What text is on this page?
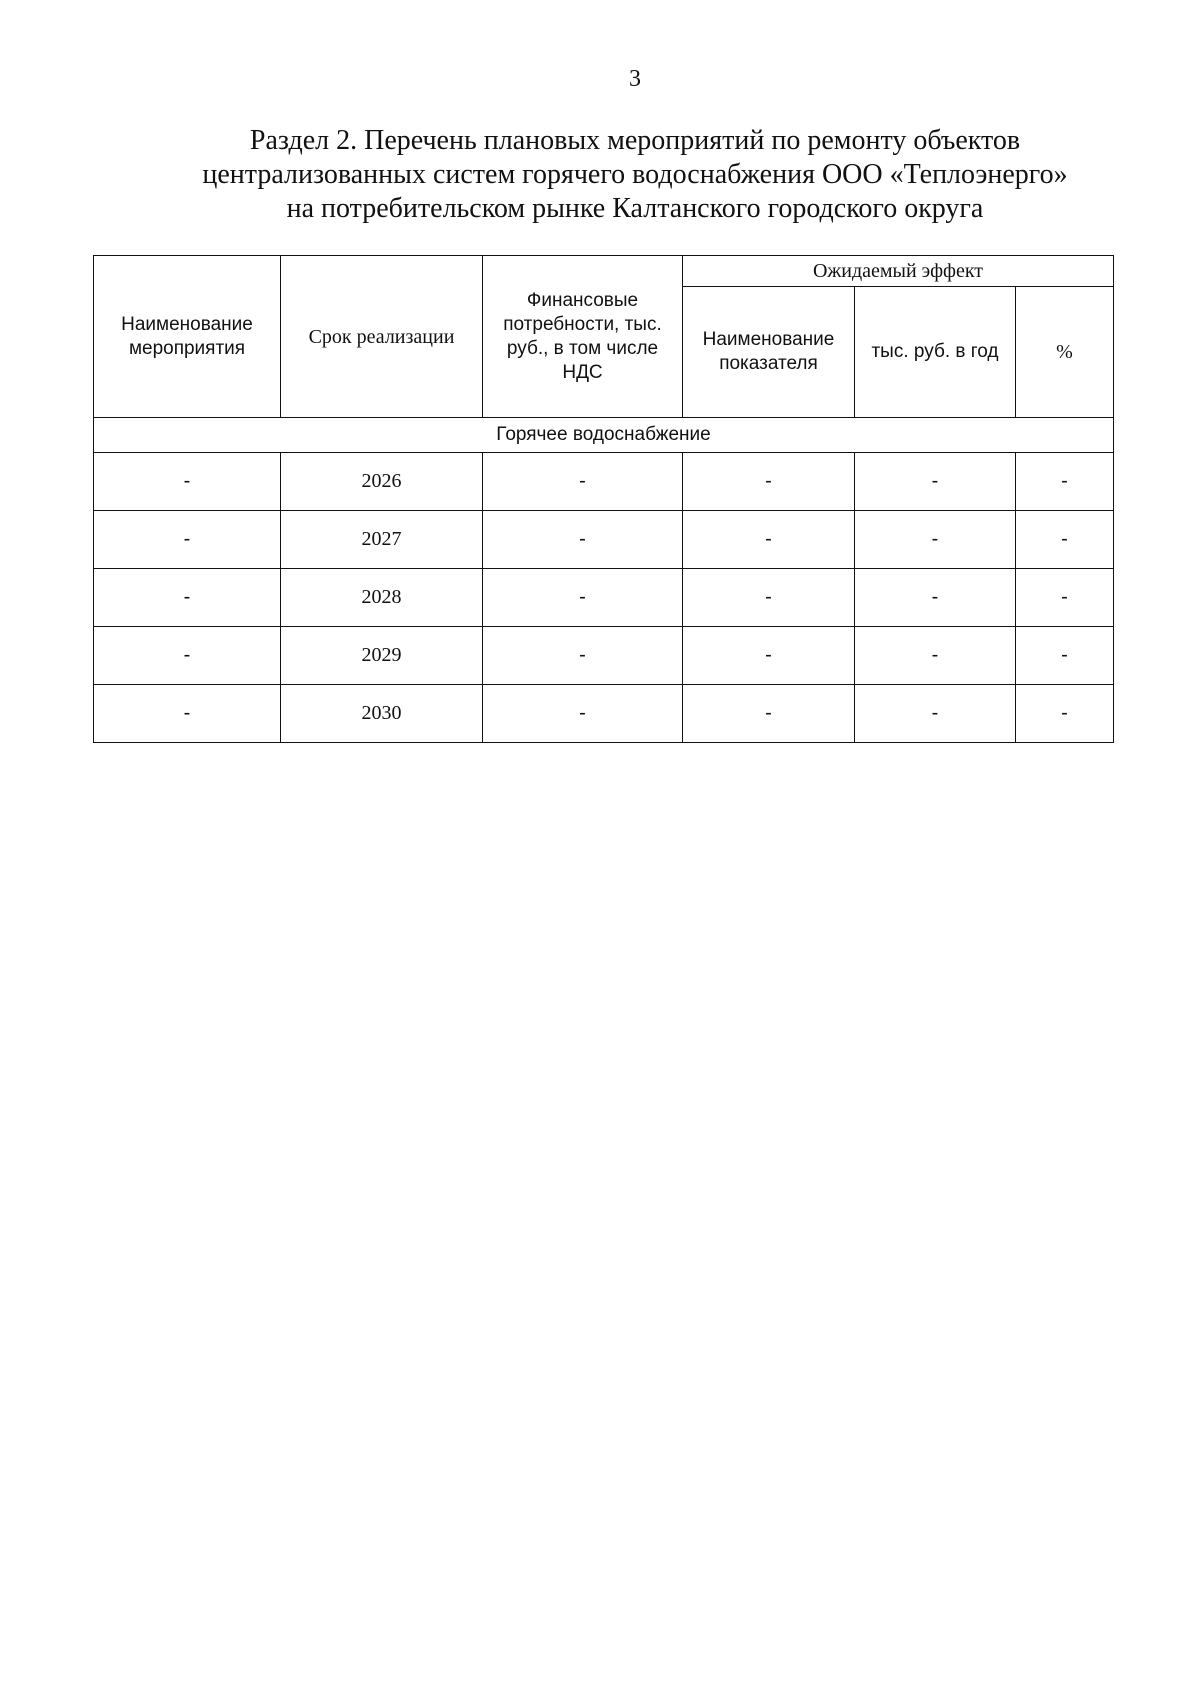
3
Раздел 2. Перечень плановых мероприятий по ремонту объектов
централизованных систем горячего водоснабжения ООО «Теплоэнерго»
на потребительском рынке Калтанского городского округа
Наименование мероприятия	Срок реализации	Финансовые потребности, тыс. руб., в том числе НДС	Ожидаемый эффект		
			Наименование показателя	тыс. руб. в год	%
Горячее водоснабжение					
-	2026	-	-	-	-
-	2027	-	-	-	-
-	2028	-	-	-	-
-	2029	-	-	-	-
-	2030	-	-	-	-
